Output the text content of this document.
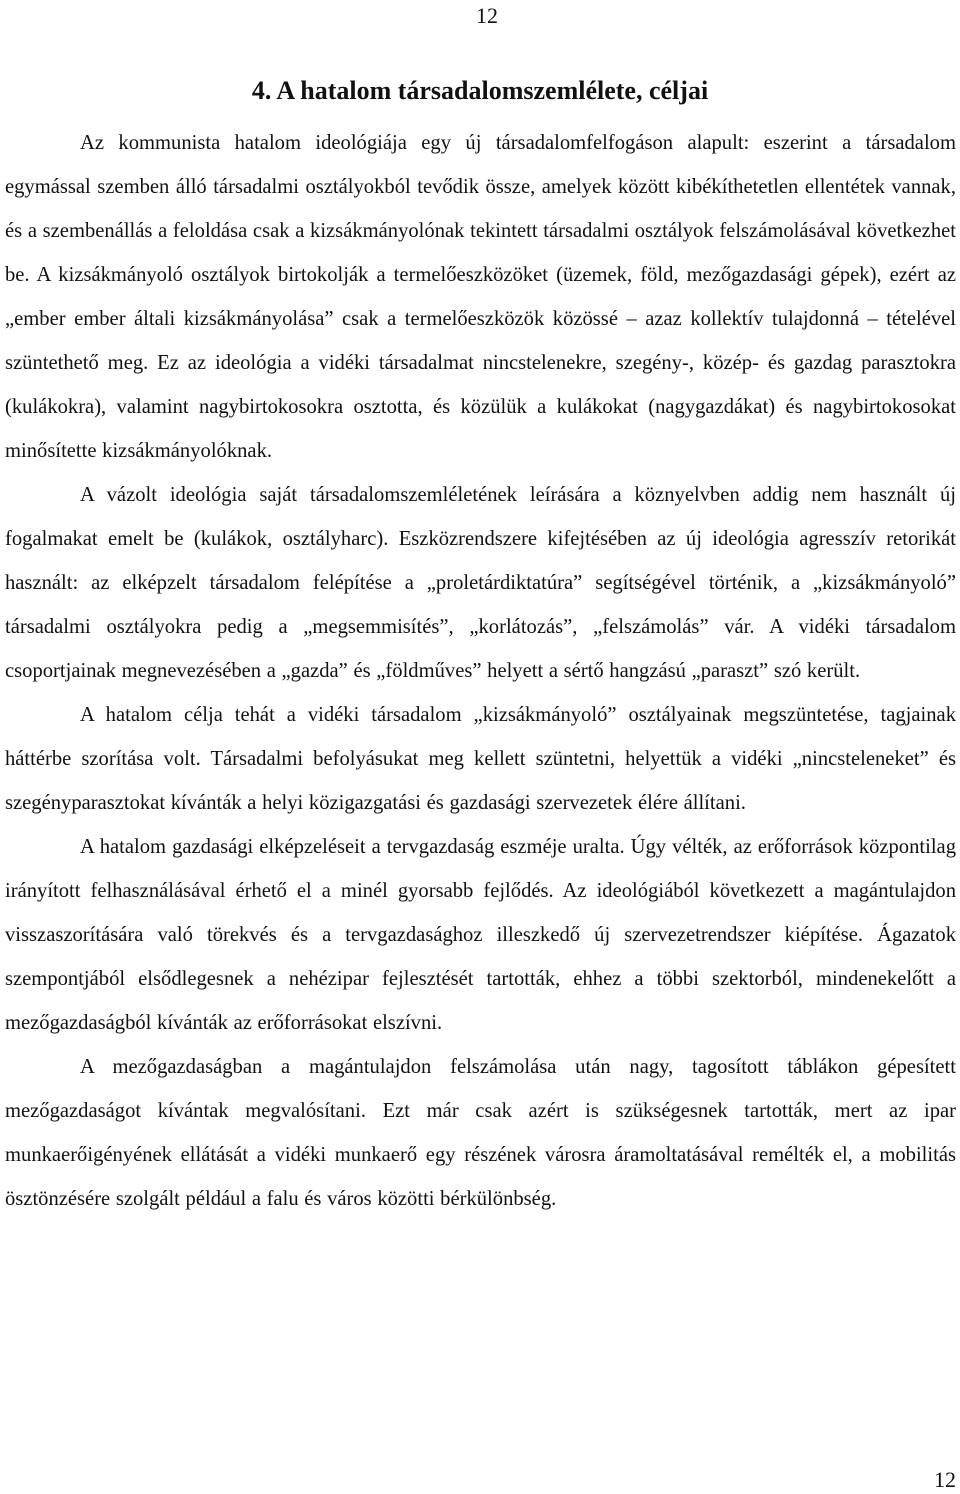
12
4. A hatalom társadalomszemlélete, céljai

Az kommunista hatalom ideológiája egy új társadalomfelfogáson alapult: eszerint a társadalom egymással szemben álló társadalmi osztályokból tevődik össze, amelyek között kibékíthetetlen ellentétek vannak, és a szembenállás a feloldása csak a kizsákmányolónak tekintett társadalmi osztályok felszámolásával következhet be. A kizsákmányoló osztályok birtokolják a termelőeszközöket (üzemek, föld, mezőgazdasági gépek), ezért az „ember ember általi kizsákmányolása” csak a termelőeszközök közössé – azaz kollektív tulajdonná – tételével szüntethető meg. Ez az ideológia a vidéki társadalmat nincstelenekre, szegény-, közép- és gazdag parasztokra (kulákokra), valamint nagybirtokosokra osztotta, és közülük a kulákokat (nagygazdákat) és nagybirtokosokat minősítette kizsákmányolóknak.

A vázolt ideológia saját társadalomszemléletének leírására a köznyelvben addig nem használt új fogalmakat emelt be (kulákok, osztályharc). Eszközrendszere kifejtésében az új ideológia agresszív retorikát használt: az elképzelt társadalom felépítése a „proletárdiktatúra” segítségével történik, a „kizsákmányoló” társadalmi osztályokra pedig a „megsemmisítés”, „korlátozás”, „felszámolás” vár. A vidéki társadalom csoportjainak megnevezésében a „gazda” és „földműves” helyett a sértő hangzású „paraszt” szó került.

A hatalom célja tehát a vidéki társadalom „kizsákmányoló” osztályainak megszüntetése, tagjainak háttérbe szorítása volt. Társadalmi befolyásukat meg kellett szüntetni, helyettük a vidéki „nincsteleneket” és szegényparasztokat kívánták a helyi közigazgatási és gazdasági szervezetek élére állítani.

A hatalom gazdasági elképzeléseit a tervgazdaság eszméje uralta. Úgy vélték, az erőforrások központilag irányított felhasználásával érhető el a minél gyorsabb fejlődés. Az ideológiából következett a magántulajdon visszaszorítására való törekvés és a tervgazdasághoz illeszkedő új szervezetrendszer kiépítése. Ágazatok szempontjából elsődlegesnek a nehézipar fejlesztését tartották, ehhez a többi szektorból, mindenekelőtt a mezőgazdaságból kívánták az erőforrásokat elszívni.

A mezőgazdaságban a magántulajdon felszámolása után nagy, tagosított táblákon gépesített mezőgazdaságot kívántak megvalósítani. Ezt már csak azért is szükségesnek tartották, mert az ipar munkaerőigényének ellátását a vidéki munkaerő egy részének városra áramoltatásával remélték el, a mobilitás ösztönzésére szolgált például a falu és város közötti bérkülönbség.

12
